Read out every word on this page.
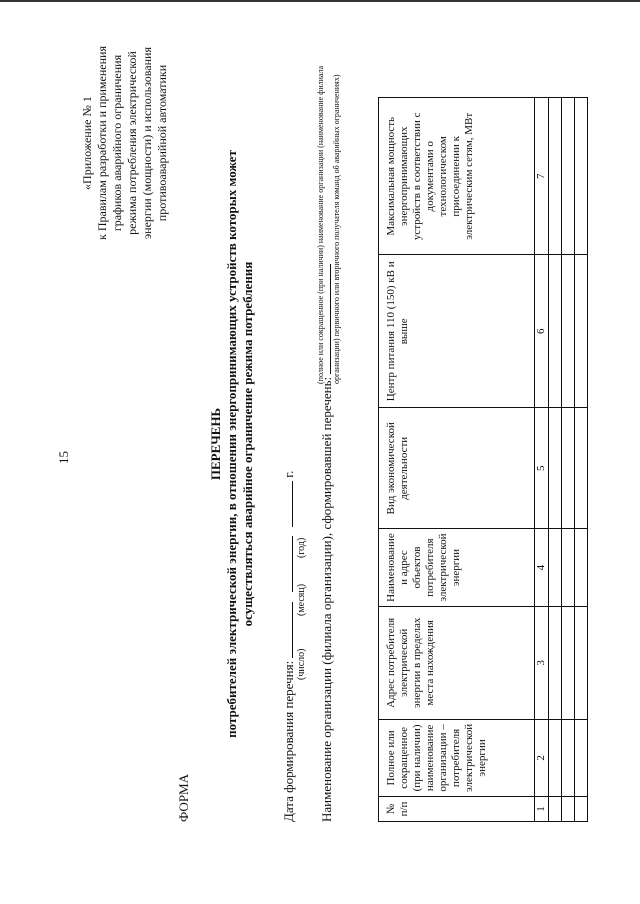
15
«Приложение № 1 к Правилам разработки и применения графиков аварийного ограничения режима потребления электрической энергии (мощности) и использования противоаварийной автоматики
ФОРМА
ПЕРЕЧЕНЬ потребителей электрической энергии, в отношении энергопринимающих устройств которых может осуществляться аварийное ограничение режима потребления
Дата формирования перечня:    г.
(число)
(месяц)
(год) Наименование организации (филиала организации), сформировавшей перечень:
(полное или сокращенное (при наличии) наименование организации (наименование филиала организации) первичного или вторичного получателя команд об аварийных ограничениях)
№ п/п	Полное или сокращенное (при наличии) наименование организации – потребителя электрической энергии	Адрес потребителя электрической энергии в пределах места нахождения	Наименование и адрес объектов потребителя электрической энергии	Вид экономической деятельности	Центр питания 110 (150) кВ и выше	Максимальная мощность энергопринимающих устройств в соответствии с документами о технологическом присоединении к электрическим сетям, МВт
1	2	3	4	5	6	7
